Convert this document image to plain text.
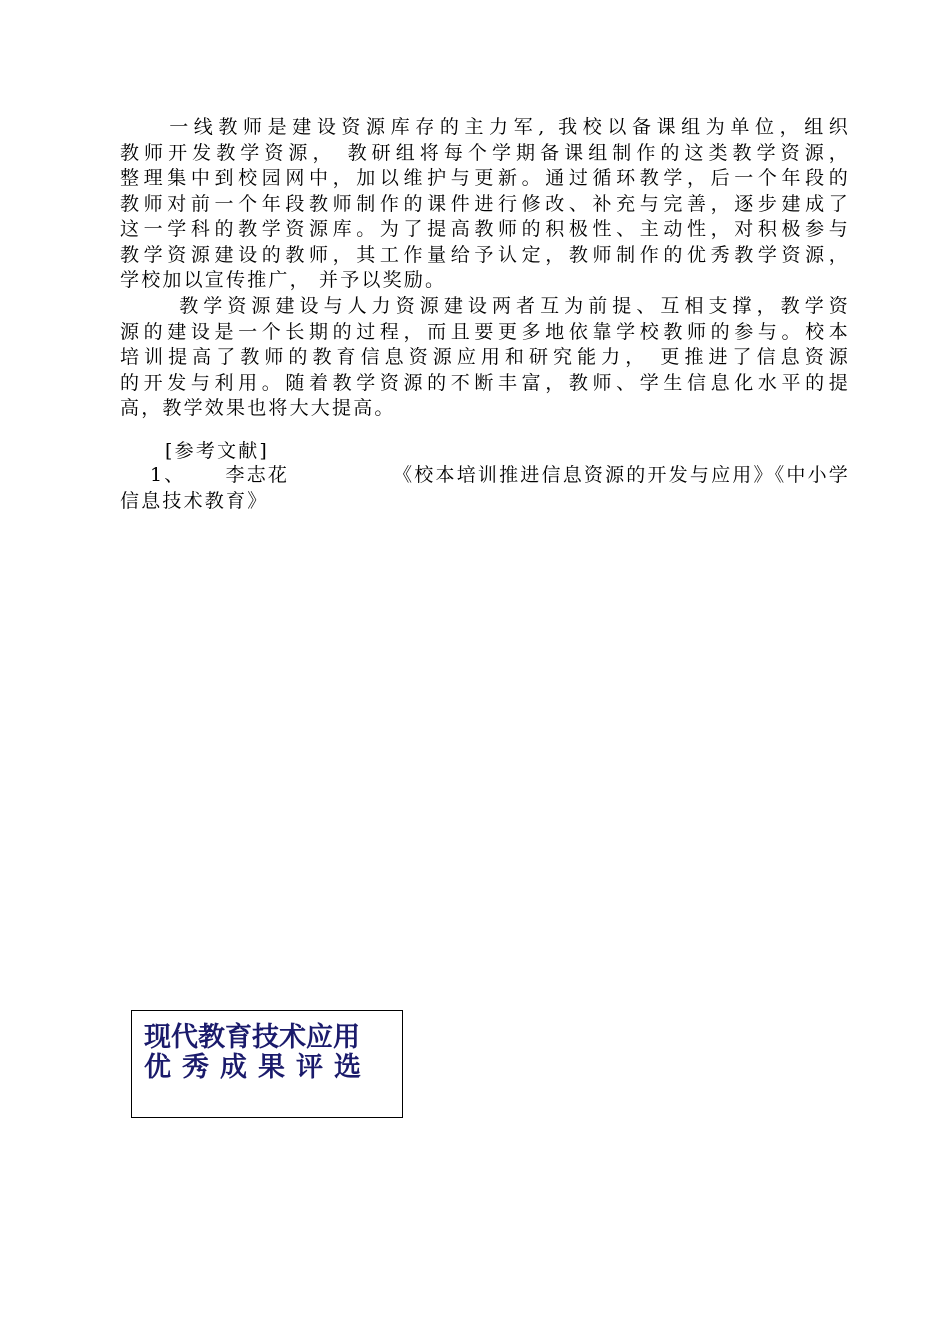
　　一线教师是建设资源库存的主力军, 我校以备课组为单位，组织
教师开发教学资源， 教研组将每个学期备课组制作的这类教学资源，
整理集中到校园网中，加以维护与更新。通过循环教学，后一个年段的
教师对前一个年段教师制作的课件进行修改、补充与完善，逐步建成了
这一学科的教学资源库。为了提高教师的积极性、主动性，对积极参与
教学资源建设的教师，其工作量给予认定，教师制作的优秀教学资源，
学校加以宣传推广， 并予以奖励。
　　 教学资源建设与人力资源建设两者互为前提、互相支撑，教学资
源的建设是一个长期的过程，而且要更多地依靠学校教师的参与。校本
培训提高了教师的教育信息资源应用和研究能力， 更推进了信息资源
的开发与利用。随着教学资源的不断丰富，教师、学生信息化水平的提
高，教学效果也将大大提高。
[参考文献]
1、 李志花	《校本培训推进信息资源的开发与应用》《中小学
信息技术教育》
现代教育技术应用
优秀成果评选
